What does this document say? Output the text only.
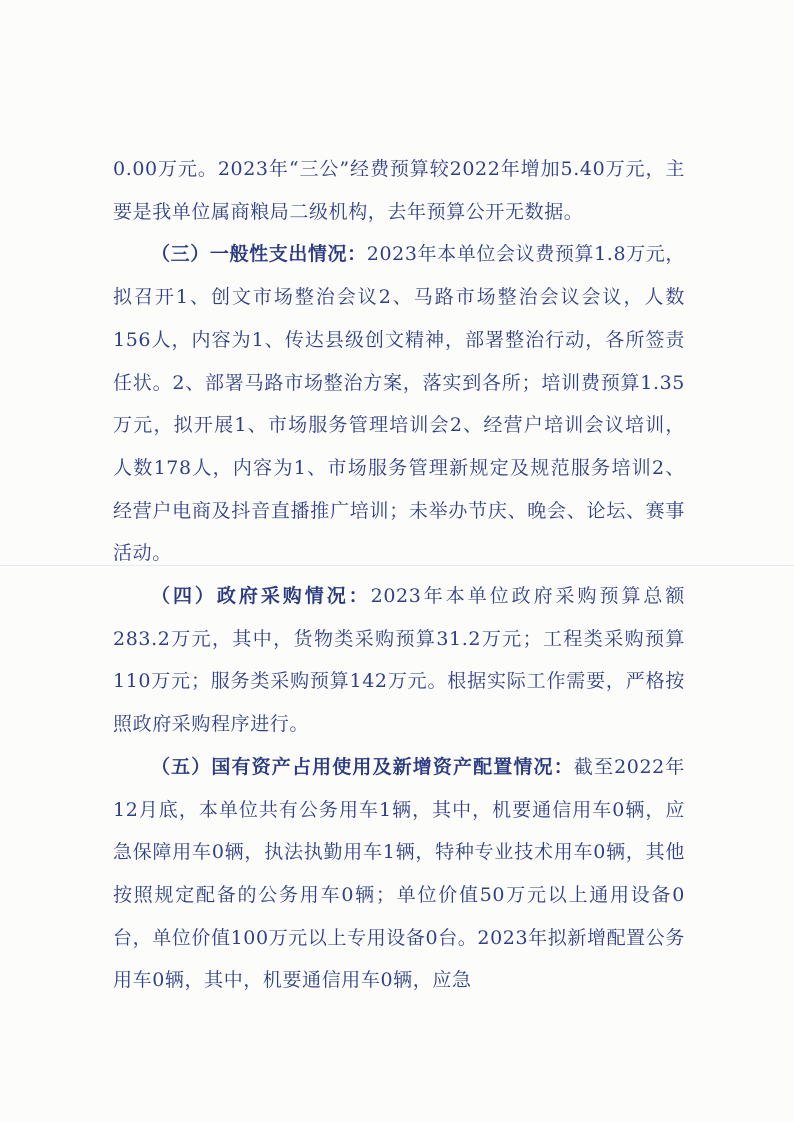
0.00万元。2023年“三公”经费预算较2022年增加5.40万元，主要是我单位属商粮局二级机构，去年预算公开无数据。

（三）一般性支出情况：2023年本单位会议费预算1.8万元，拟召开1、创文市场整治会议2、马路市场整治会议会议，人数156人，内容为1、传达县级创文精神，部署整治行动，各所签责任状。2、部署马路市场整治方案，落实到各所；培训费预算1.35万元，拟开展1、市场服务管理培训会2、经营户培训会议培训，人数178人，内容为1、市场服务管理新规定及规范服务培训2、经营户电商及抖音直播推广培训；未举办节庆、晚会、论坛、赛事活动。

（四）政府采购情况：2023年本单位政府采购预算总额283.2万元，其中，货物类采购预算31.2万元；工程类采购预算110万元；服务类采购预算142万元。根据实际工作需要，严格按照政府采购程序进行。

（五）国有资产占用使用及新增资产配置情况：截至2022年12月底，本单位共有公务用车1辆，其中，机要通信用车0辆，应急保障用车0辆，执法执勤用车1辆，特种专业技术用车0辆，其他按照规定配备的公务用车0辆；单位价值50万元以上通用设备0台，单位价值100万元以上专用设备0台。2023年拟新增配置公务用车0辆，其中，机要通信用车0辆，应急
